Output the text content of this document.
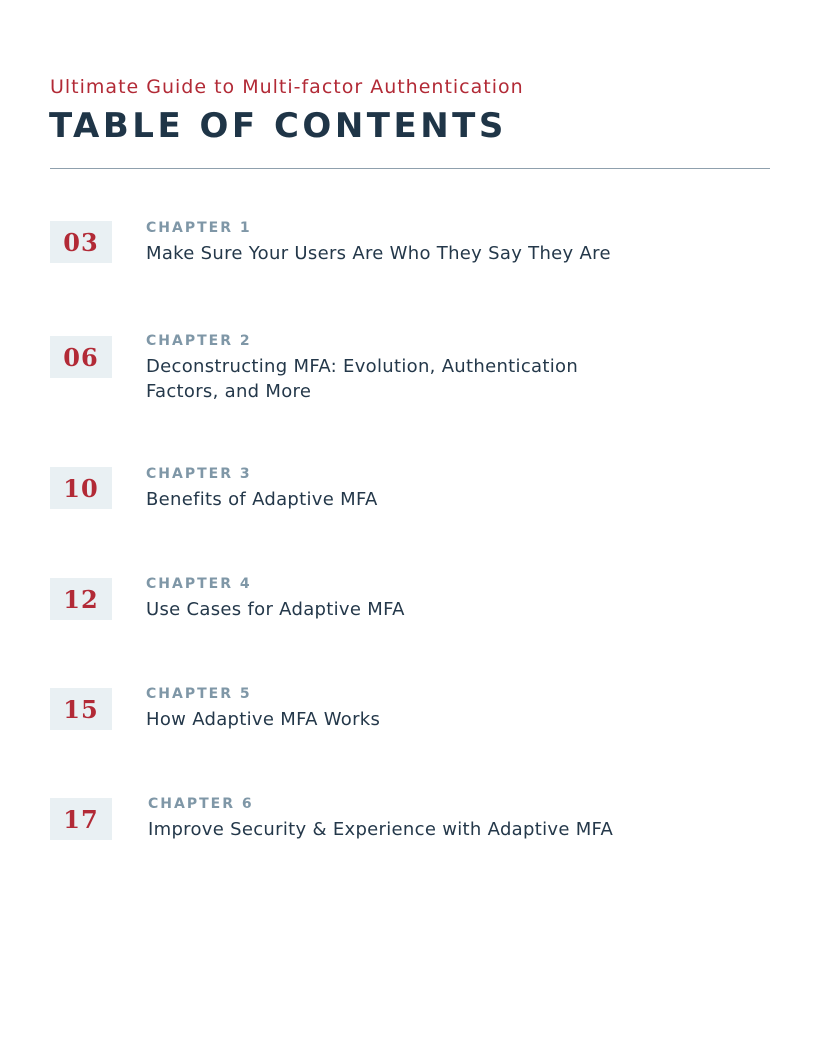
Ultimate Guide to Multi-factor Authentication
TABLE OF CONTENTS
03	CHAPTER 1
Make Sure Your Users Are Who They Say They Are
06
CHAPTER 2
Deconstructing MFA: Evolution, Authentication Factors, and More
10	CHAPTER 3
Benefits of Adaptive MFA
12
CHAPTER 4
Use Cases for Adaptive MFA
15
CHAPTER 5
How Adaptive MFA Works
17
CHAPTER 6
Improve Security & Experience with Adaptive MFA
